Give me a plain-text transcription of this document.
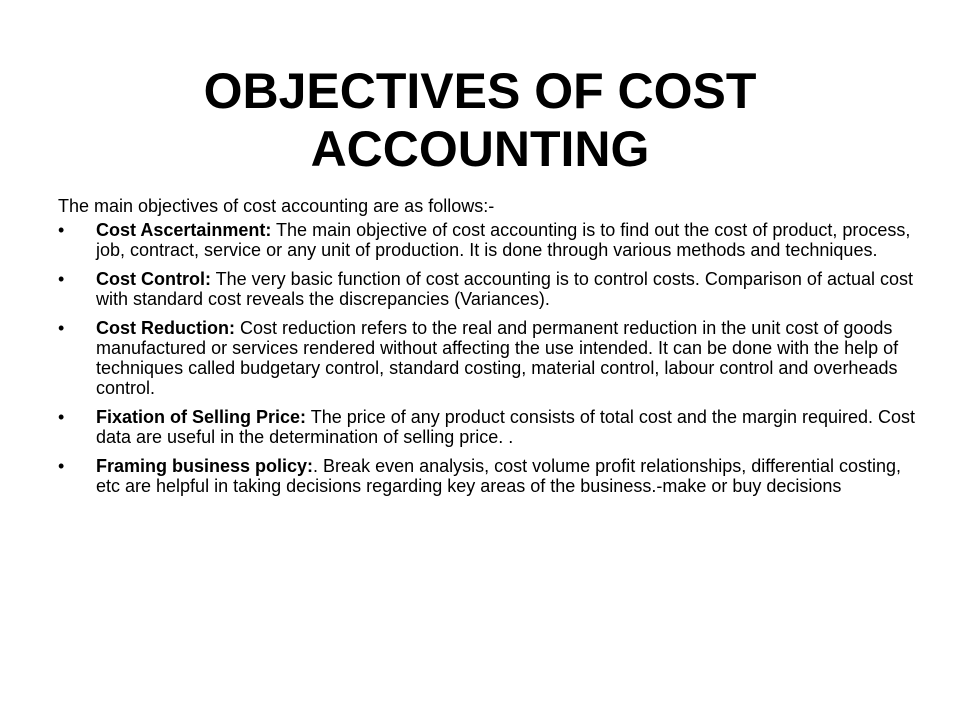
OBJECTIVES OF COST
ACCOUNTING

The main objectives of cost accounting are as follows:-

• Cost Ascertainment: The main objective of cost accounting is to find out the cost of product, process, job, contract, service or any unit of production. It is done through various methods and techniques.
• Cost Control: The very basic function of cost accounting is to control costs. Comparison of actual cost with standard cost reveals the discrepancies (Variances).
• Cost Reduction: Cost reduction refers to the real and permanent reduction in the unit cost of goods manufactured or services rendered without affecting the use intended. It can be done with the help of techniques called budgetary control, standard costing, material control, labour control and overheads control.
• Fixation of Selling Price: The price of any product consists of total cost and the margin required. Cost data are useful in the determination of selling price. .
• Framing business policy:. Break even analysis, cost volume profit relationships, differential costing, etc are helpful in taking decisions regarding key areas of the business.-make or buy decisions
